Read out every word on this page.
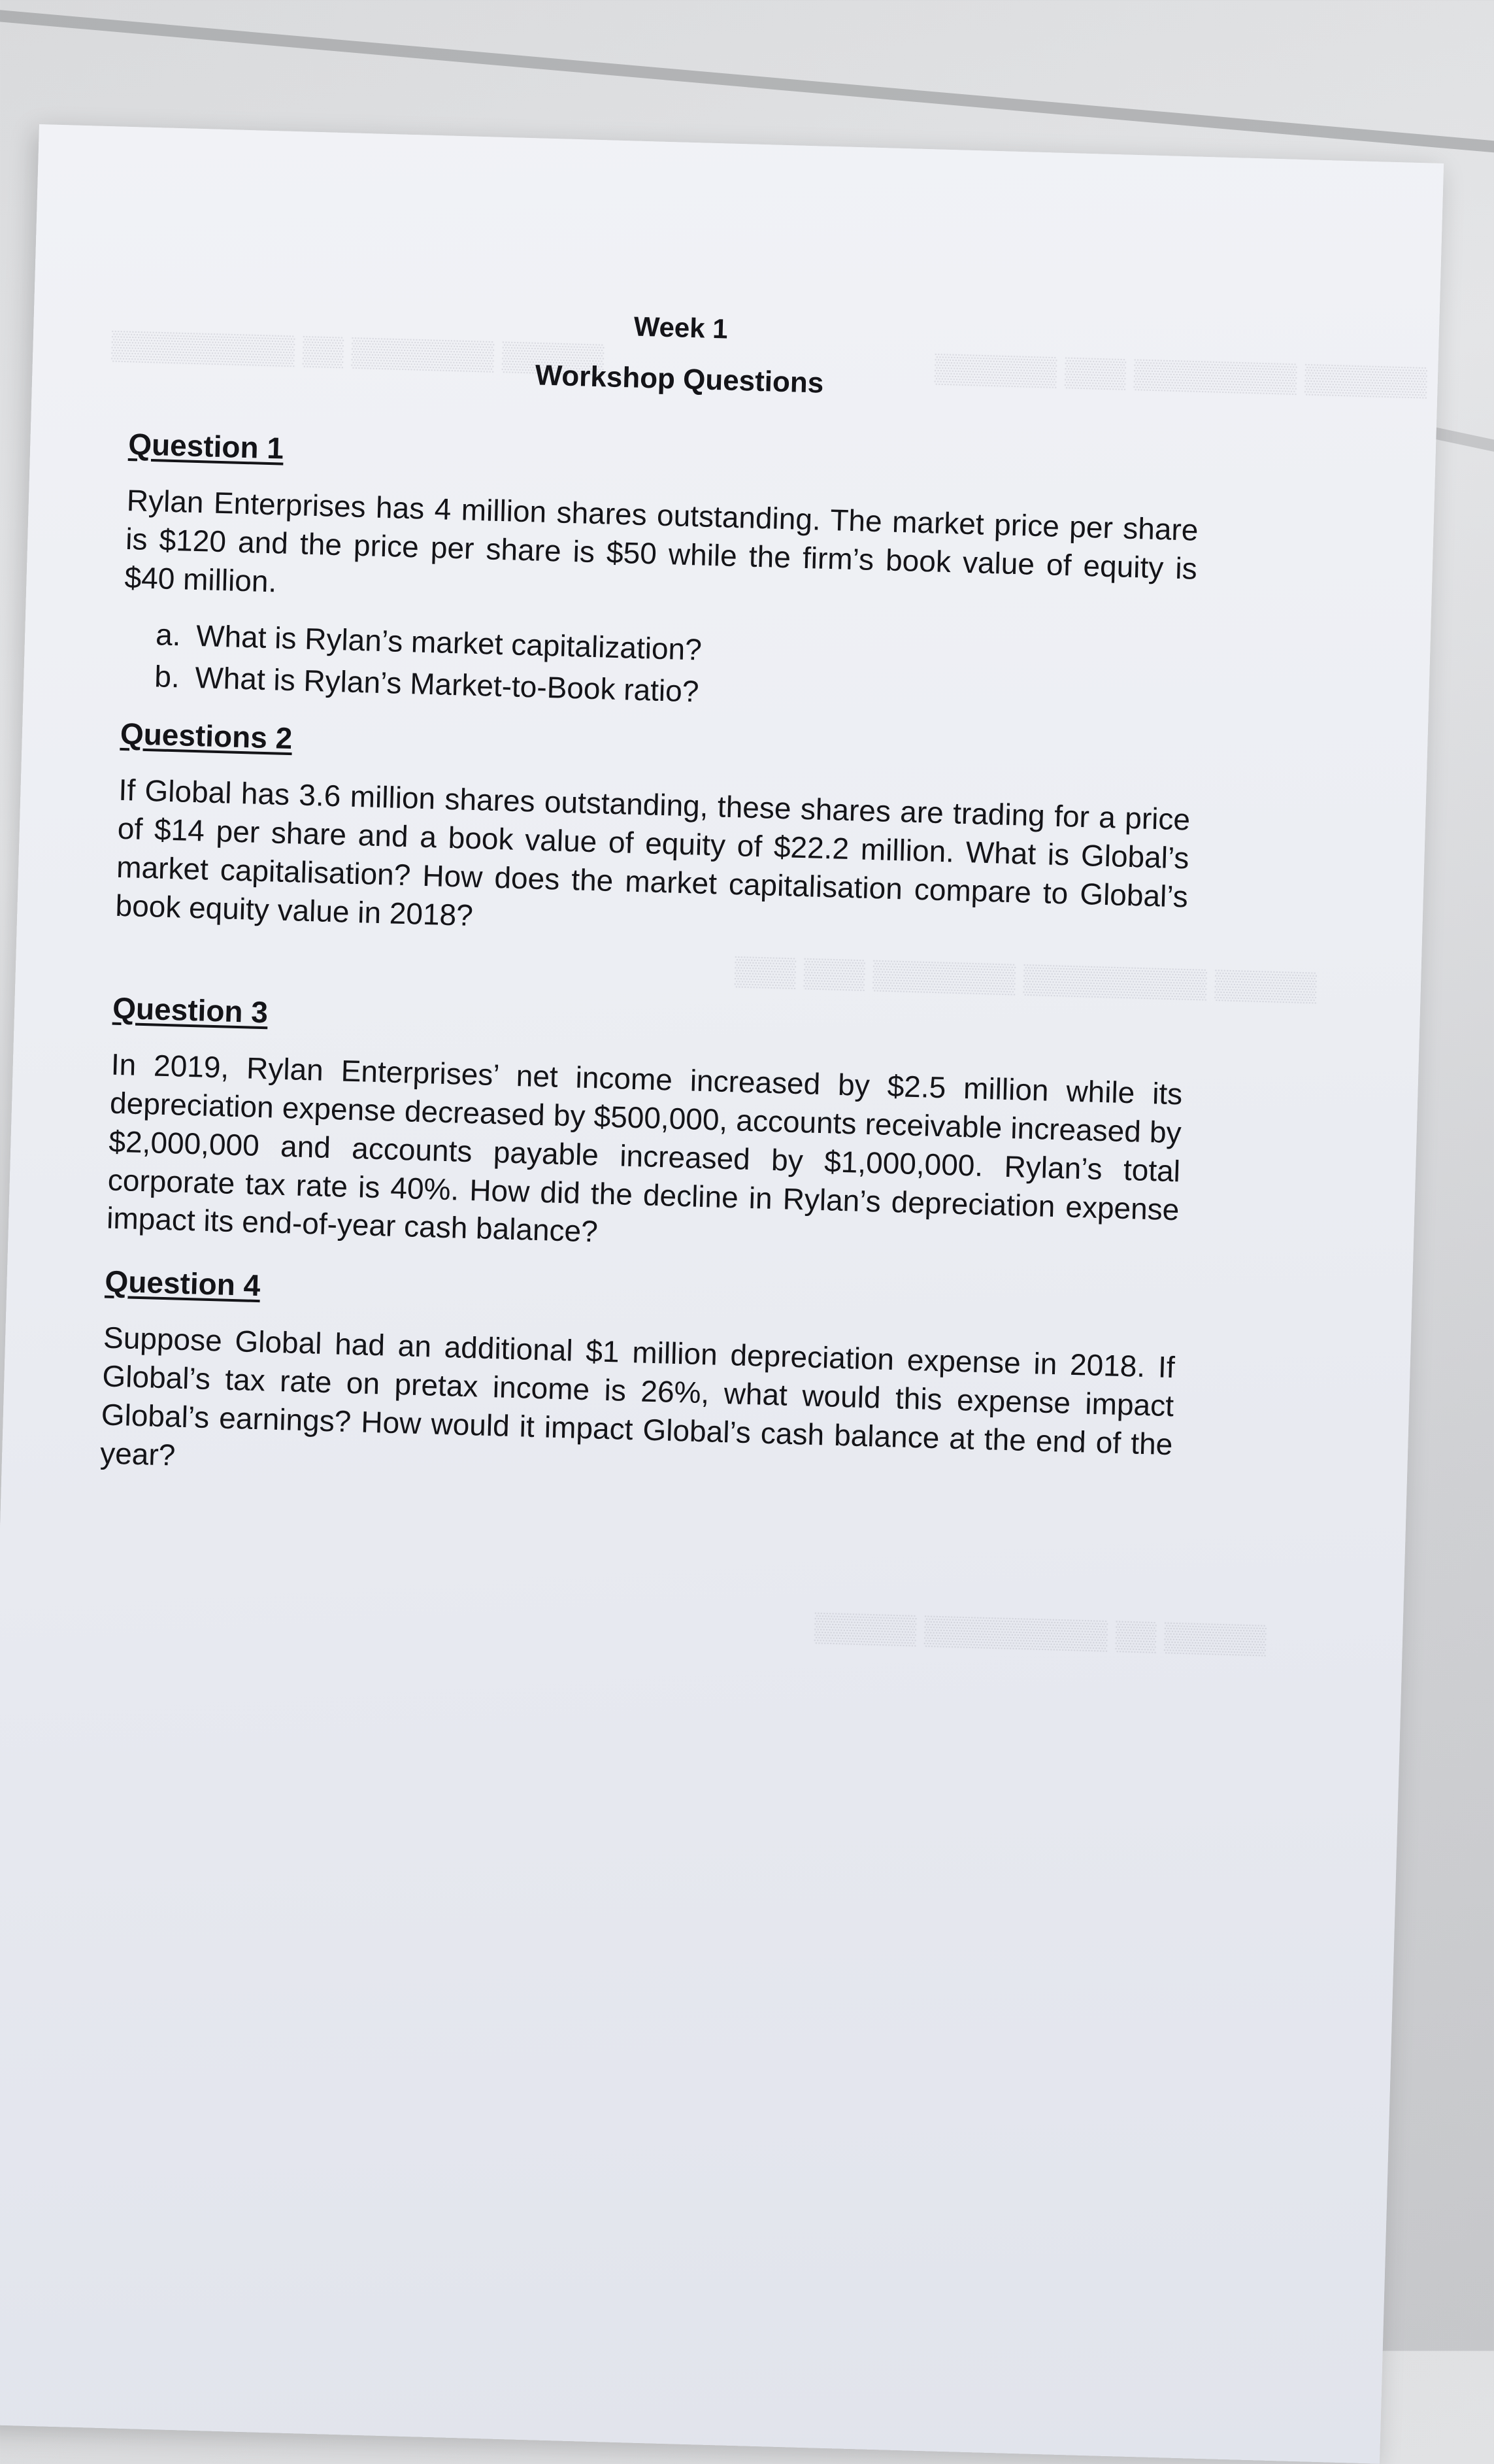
▒▒▒▒▒ ▒▒▒▒▒▒▒ ▒▒ ▒▒▒▒▒▒▒▒▒
▒▒▒▒▒▒ ▒▒▒▒▒▒▒▒ ▒▒▒ ▒▒▒▒▒▒
▒▒▒▒▒ ▒▒▒▒▒▒▒▒▒ ▒▒▒▒▒▒▒ ▒▒▒ ▒▒▒
▒▒▒▒▒ ▒▒ ▒▒▒▒▒▒▒▒▒ ▒▒▒▒▒
Week 1
Workshop Questions
Question 1

Rylan Enterprises has 4 million shares outstanding. The market price per share is $120 and the price per share is $50 while the firm’s book value of equity is $40 million.

a. What is Rylan’s market capitalization?
b. What is Rylan’s Market-to-Book ratio?
Questions 2

If Global has 3.6 million shares outstanding, these shares are trading for a price of $14 per share and a book value of equity of $22.2 million. What is Global’s market capitalisation? How does the market capitalisation compare to Global’s book equity value in 2018?

Question 3

In 2019, Rylan Enterprises’ net income increased by $2.5 million while its depreciation expense decreased by $500,000, accounts receivable increased by $2,000,000 and accounts payable increased by $1,000,000. Rylan’s total corporate tax rate is 40%. How did the decline in Rylan’s depreciation expense impact its end-of-year cash balance?

Question 4

Suppose Global had an additional $1 million depreciation expense in 2018. If Global’s tax rate on pretax income is 26%, what would this expense impact Global’s earnings? How would it impact Global’s cash balance at the end of the year?
